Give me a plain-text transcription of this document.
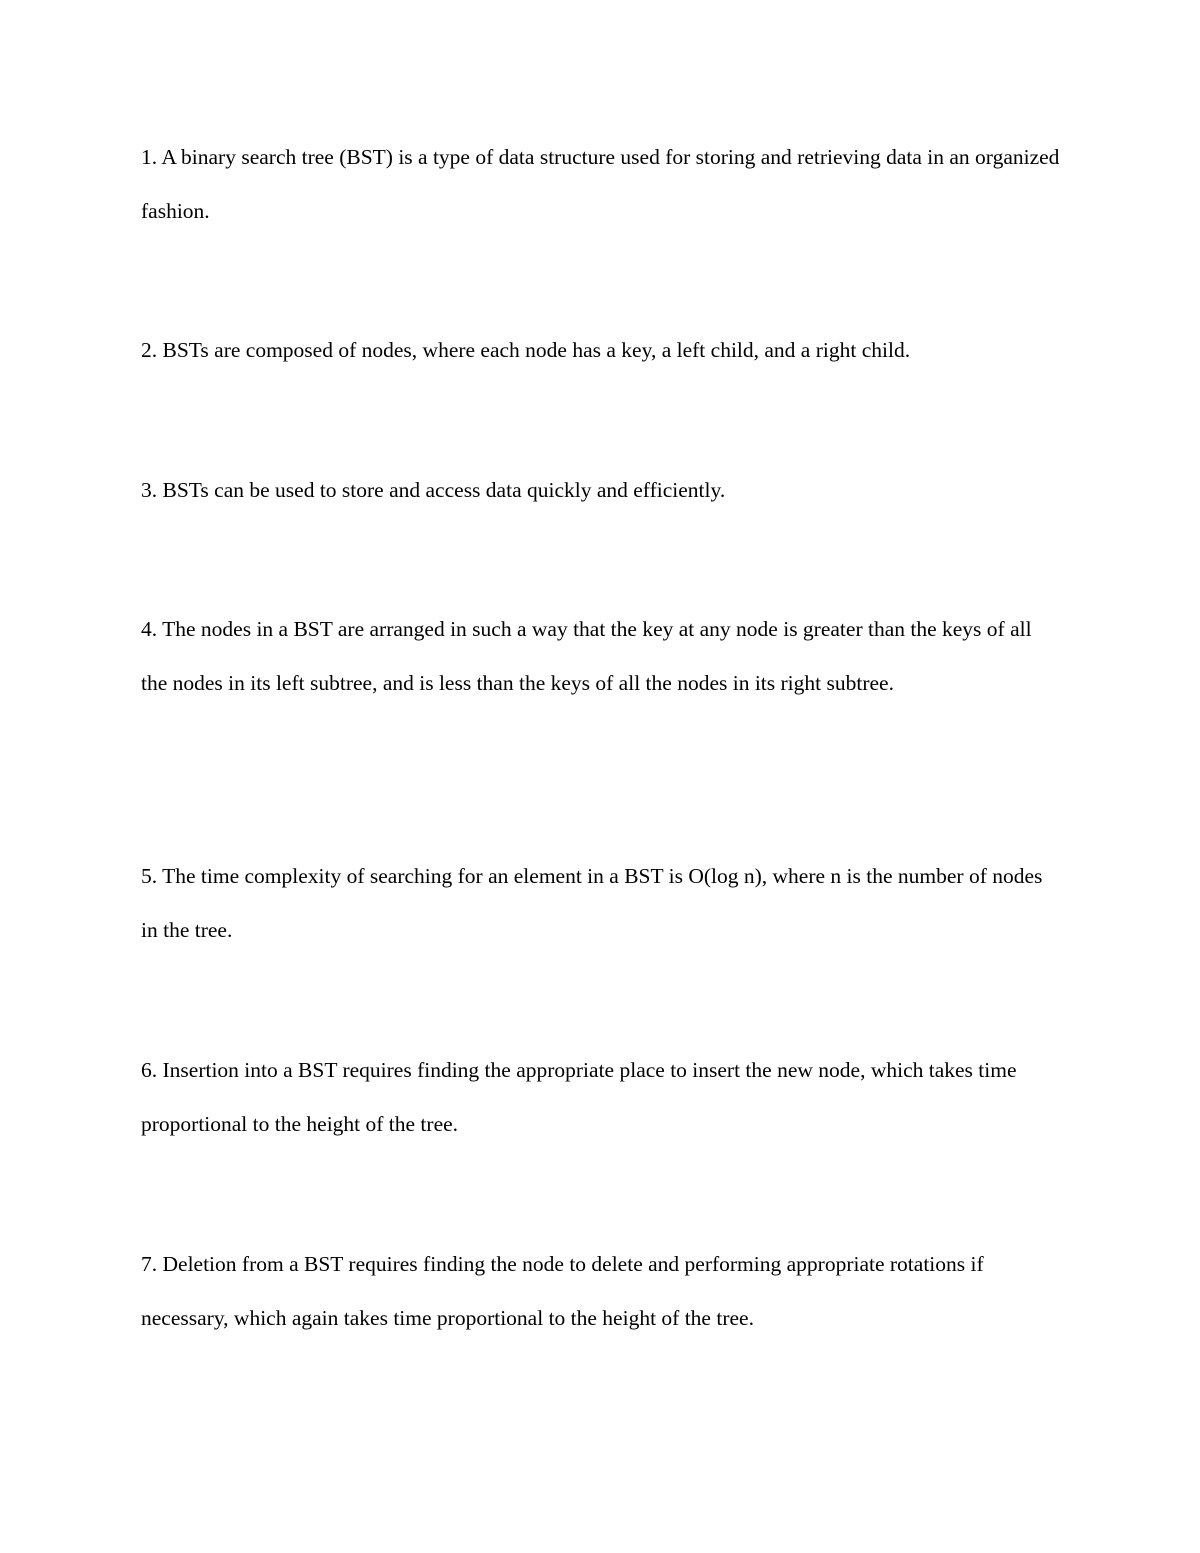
1. A binary search tree (BST) is a type of data structure used for storing and retrieving data in an organized fashion.

2. BSTs are composed of nodes, where each node has a key, a left child, and a right child.

3. BSTs can be used to store and access data quickly and efficiently.

4. The nodes in a BST are arranged in such a way that the key at any node is greater than the keys of all the nodes in its left subtree, and is less than the keys of all the nodes in its right subtree.

5. The time complexity of searching for an element in a BST is O(log n), where n is the number of nodes in the tree.

6. Insertion into a BST requires finding the appropriate place to insert the new node, which takes time proportional to the height of the tree.

7. Deletion from a BST requires finding the node to delete and performing appropriate rotations if necessary, which again takes time proportional to the height of the tree.
